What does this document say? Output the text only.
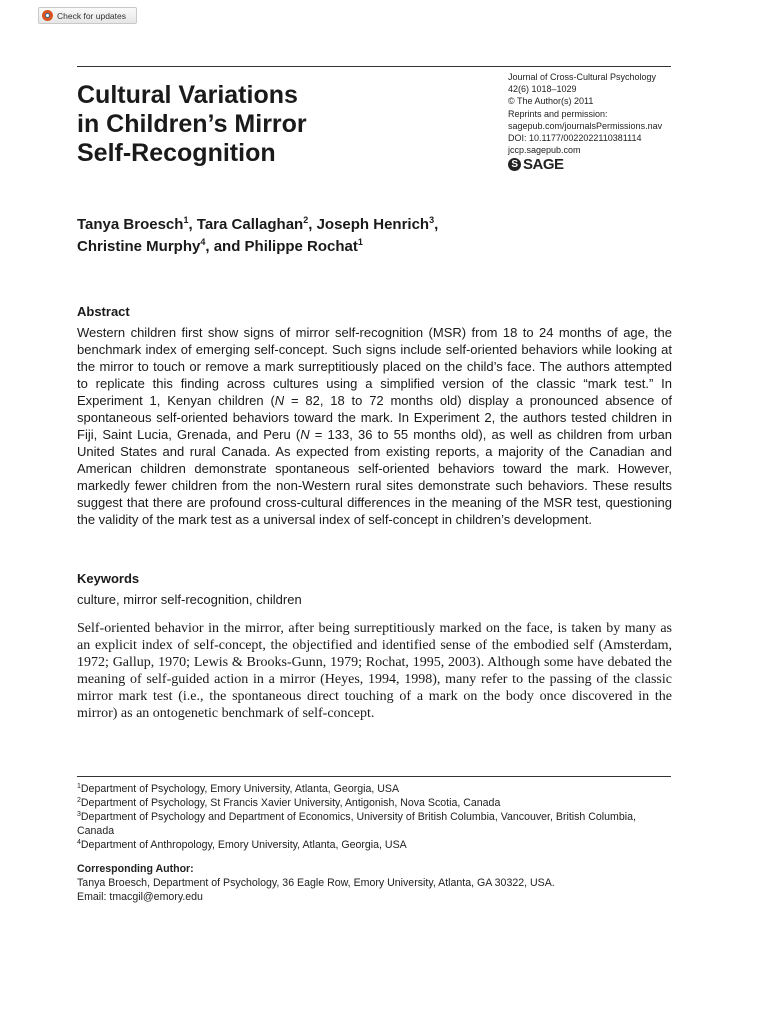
Check for updates
Cultural Variations
in Children’s Mirror
Self-Recognition
Journal of Cross-Cultural Psychology
42(6) 1018–1029
© The Author(s) 2011
Reprints and permission:
sagepub.com/journalsPermissions.nav
DOI: 10.1177/0022022110381114
jccp.sagepub.com
S SAGE
Tanya Broesch$^1$, Tara Callaghan$^2$, Joseph Henrich$^3$,
Christine Murphy$^4$, and Philippe Rochat$^1$
Abstract

Western children first show signs of mirror self-recognition (MSR) from 18 to 24 months of age, the benchmark index of emerging self-concept. Such signs include self-oriented behaviors while looking at the mirror to touch or remove a mark surreptitiously placed on the child’s face. The authors attempted to replicate this finding across cultures using a simplified version of the classic “mark test.” In Experiment 1, Kenyan children (N = 82, 18 to 72 months old) display a pronounced absence of spontaneous self-oriented behaviors toward the mark. In Experiment 2, the authors tested children in Fiji, Saint Lucia, Grenada, and Peru (N = 133, 36 to 55 months old), as well as children from urban United States and rural Canada. As expected from existing reports, a majority of the Canadian and American children demonstrate spontaneous self-oriented behaviors toward the mark. However, markedly fewer children from the non-Western rural sites demonstrate such behaviors. These results suggest that there are profound cross-cultural differences in the meaning of the MSR test, questioning the validity of the mark test as a universal index of self-concept in children’s development.

Keywords
culture, mirror self-recognition, children

Self-oriented behavior in the mirror, after being surreptitiously marked on the face, is taken by many as an explicit index of self-concept, the objectified and identified sense of the embodied self (Amsterdam, 1972; Gallup, 1970; Lewis & Brooks-Gunn, 1979; Rochat, 1995, 2003). Although some have debated the meaning of self-guided action in a mirror (Heyes, 1994, 1998), many refer to the passing of the classic mirror mark test (i.e., the spontaneous direct touching of a mark on the body once discovered in the mirror) as an ontogenetic benchmark of self-concept.

$^1$Department of Psychology, Emory University, Atlanta, Georgia, USA
$^2$Department of Psychology, St Francis Xavier University, Antigonish, Nova Scotia, Canada
$^3$Department of Psychology and Department of Economics, University of British Columbia, Vancouver, British Columbia, Canada
$^4$Department of Anthropology, Emory University, Atlanta, Georgia, USA
Corresponding Author:
Tanya Broesch, Department of Psychology, 36 Eagle Row, Emory University, Atlanta, GA 30322, USA.
Email: tmacgil@emory.edu
